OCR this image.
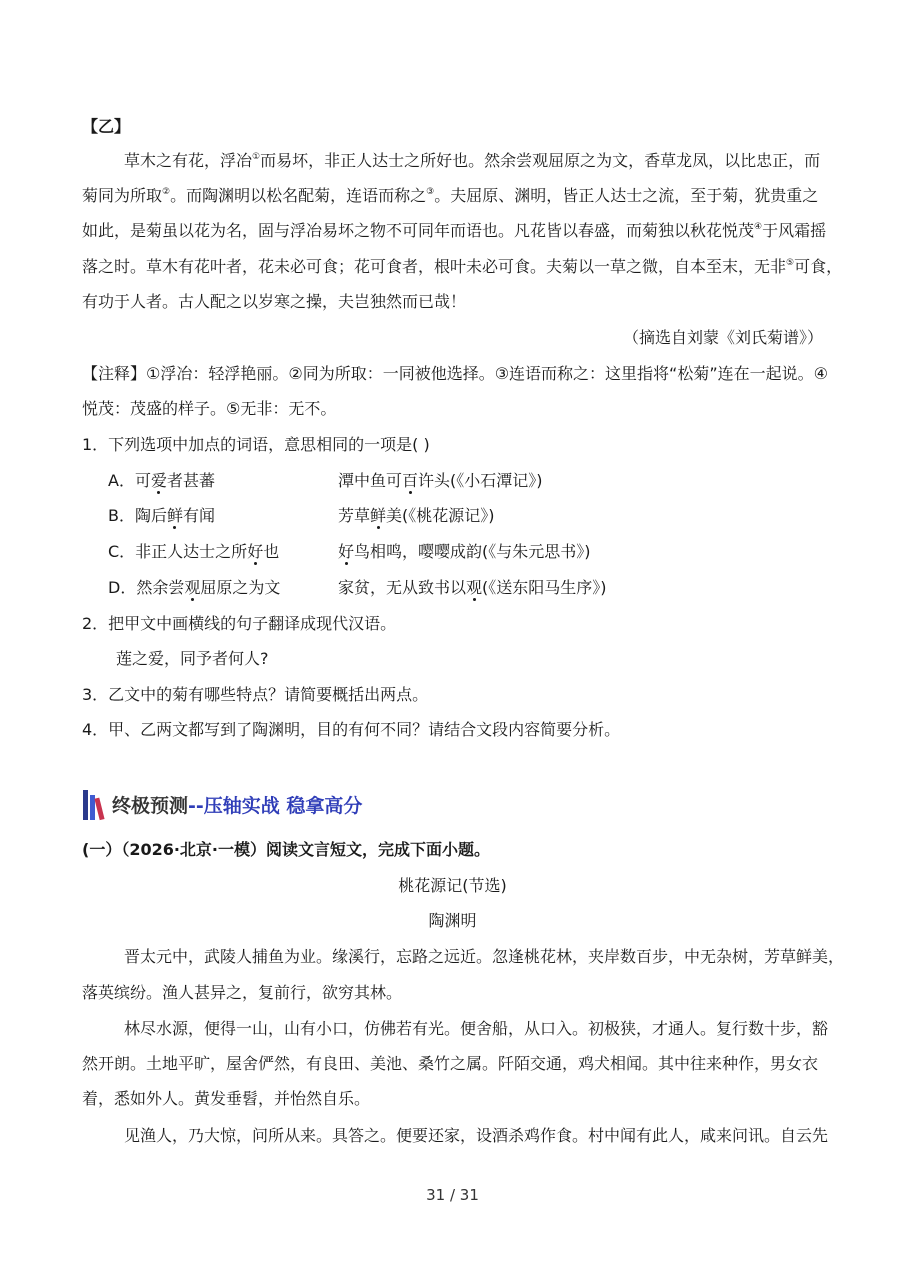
【乙】
草木之有花，浮冶①而易坏，非正人达士之所好也。然余尝观屈原之为文，香草龙凤，以比忠正，而
菊同为所取②。而陶渊明以松名配菊，连语而称之③。夫屈原、渊明，皆正人达士之流，至于菊，犹贵重之
如此，是菊虽以花为名，固与浮冶易坏之物不可同年而语也。凡花皆以春盛，而菊独以秋花悦茂④于风霜摇
落之时。草木有花叶者，花未必可食；花可食者，根叶未必可食。夫菊以一草之微，自本至末，无非⑤可食，
有功于人者。古人配之以岁寒之操，夫岂独然而已哉！
（摘选自刘蒙《刘氏菊谱》）
【注释】①浮冶：轻浮艳丽。②同为所取：一同被他选择。③连语而称之：这里指将“松菊”连在一起说。④
悦茂：茂盛的样子。⑤无非：无不。
1．下列选项中加点的词语，意思相同的一项是( )
A．可爱者甚蕃	潭中鱼可百许头(《小石潭记》)
B．陶后鲜有闻	芳草鲜美(《桃花源记》)
C．非正人达士之所好也	好鸟相鸣，嘤嘤成韵(《与朱元思书》)
D．然余尝观屈原之为文	家贫，无从致书以观(《送东阳马生序》)
2．把甲文中画横线的句子翻译成现代汉语。
莲之爱，同予者何人?
3．乙文中的菊有哪些特点？请简要概括出两点。
4．甲、乙两文都写到了陶渊明，目的有何不同？请结合文段内容简要分析。
终极预测--压轴实战 稳拿高分
(一）（2026·北京·一模）阅读文言短文，完成下面小题。
桃花源记(节选)
陶渊明
晋太元中，武陵人捕鱼为业。缘溪行，忘路之远近。忽逢桃花林，夹岸数百步，中无杂树，芳草鲜美，
落英缤纷。渔人甚异之，复前行，欲穷其林。
林尽水源，便得一山，山有小口，仿佛若有光。便舍船，从口入。初极狭，才通人。复行数十步，豁
然开朗。土地平旷，屋舍俨然，有良田、美池、桑竹之属。阡陌交通，鸡犬相闻。其中往来种作，男女衣
着，悉如外人。黄发垂髫，并怡然自乐。
见渔人，乃大惊，问所从来。具答之。便要还家，设酒杀鸡作食。村中闻有此人，咸来问讯。自云先
31 / 31
